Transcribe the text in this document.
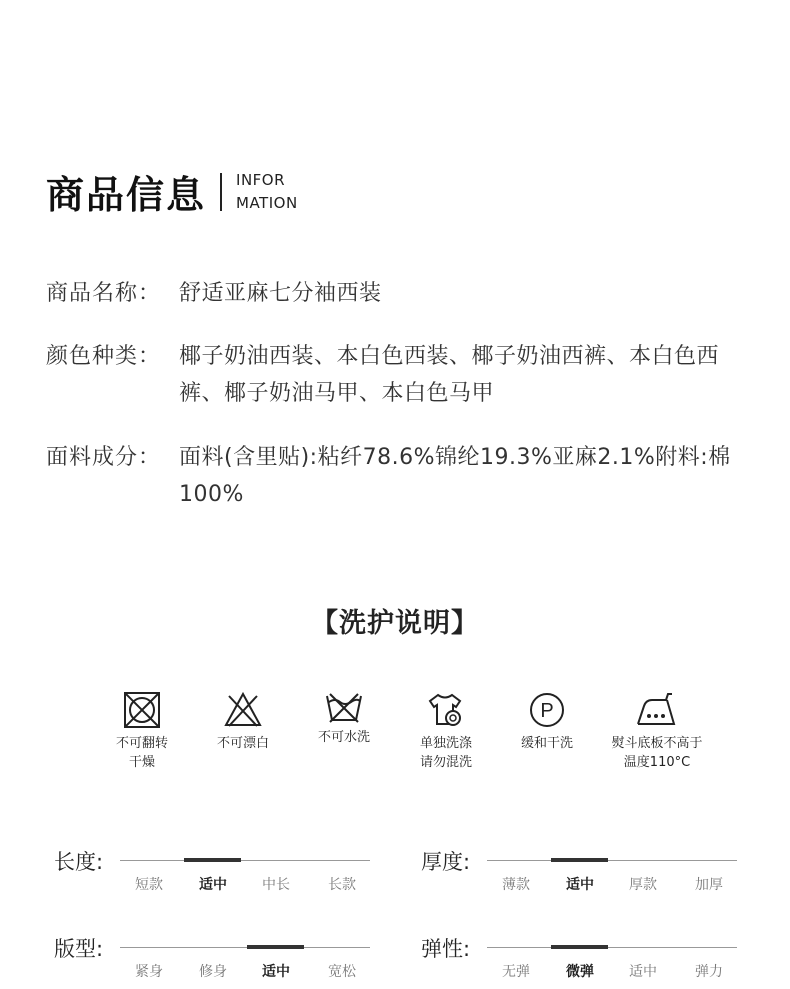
商品信息 INFOR
MATION
商品名称： 舒适亚麻七分袖西装
颜色种类： 椰子奶油西装、本白色西装、椰子奶油西裤、本白色西裤、椰子奶油马甲、本白色马甲
面料成分： 面料(含里贴):粘纤78.6%锦纶19.3%亚麻2.1%附料:棉100%
【洗护说明】
不可翻转
干燥
不可漂白	不可水洗	单独洗涤
请勿混洗
P
缓和干洗	熨斗底板不高于
温度110°C
长度:
短款	适中	中长	长款
厚度:
薄款	适中	厚款	加厚
版型:
紧身	修身	适中	宽松
弹性:
无弹	微弹	适中	弹力
